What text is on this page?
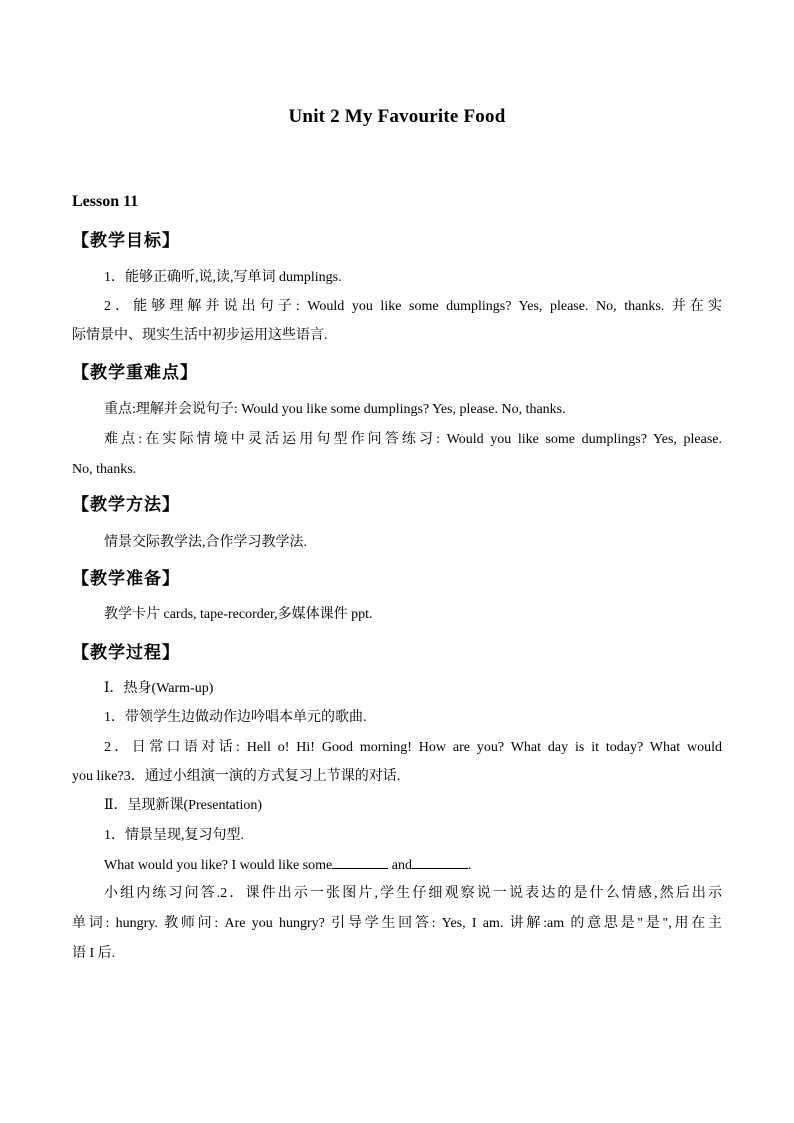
Unit 2 My Favourite Food
Lesson 11
【教学目标】
1．能够正确听,说,读,写单词 dumplings.
2．能够理解并说出句子: Would you like some dumplings? Yes, please. No, thanks. 并在实
际情景中、现实生活中初步运用这些语言.
【教学重难点】
重点:理解并会说句子: Would you like some dumplings? Yes, please. No, thanks.
难点:在实际情境中灵活运用句型作问答练习: Would you like some dumplings? Yes, please.
No, thanks.
【教学方法】
情景交际教学法,合作学习教学法.
【教学准备】
教学卡片 cards, tape-recorder,多媒体课件 ppt.
【教学过程】
Ⅰ．热身(Warm-up)
1．带领学生边做动作边吟唱本单元的歌曲.
2．日常口语对话: Hell o! Hi! Good morning! How are you? What day is it today? What would
you like?3．通过小组演一演的方式复习上节课的对话.
Ⅱ．呈现新课(Presentation)
1．情景呈现,复习句型.
What would you like? I would like some	and	.
小组内练习问答.2．课件出示一张图片,学生仔细观察说一说表达的是什么情感,然后出示
单词: hungry. 教师问: Are you hungry? 引导学生回答: Yes, I am. 讲解:am 的意思是"是",用在主
语 I 后.
